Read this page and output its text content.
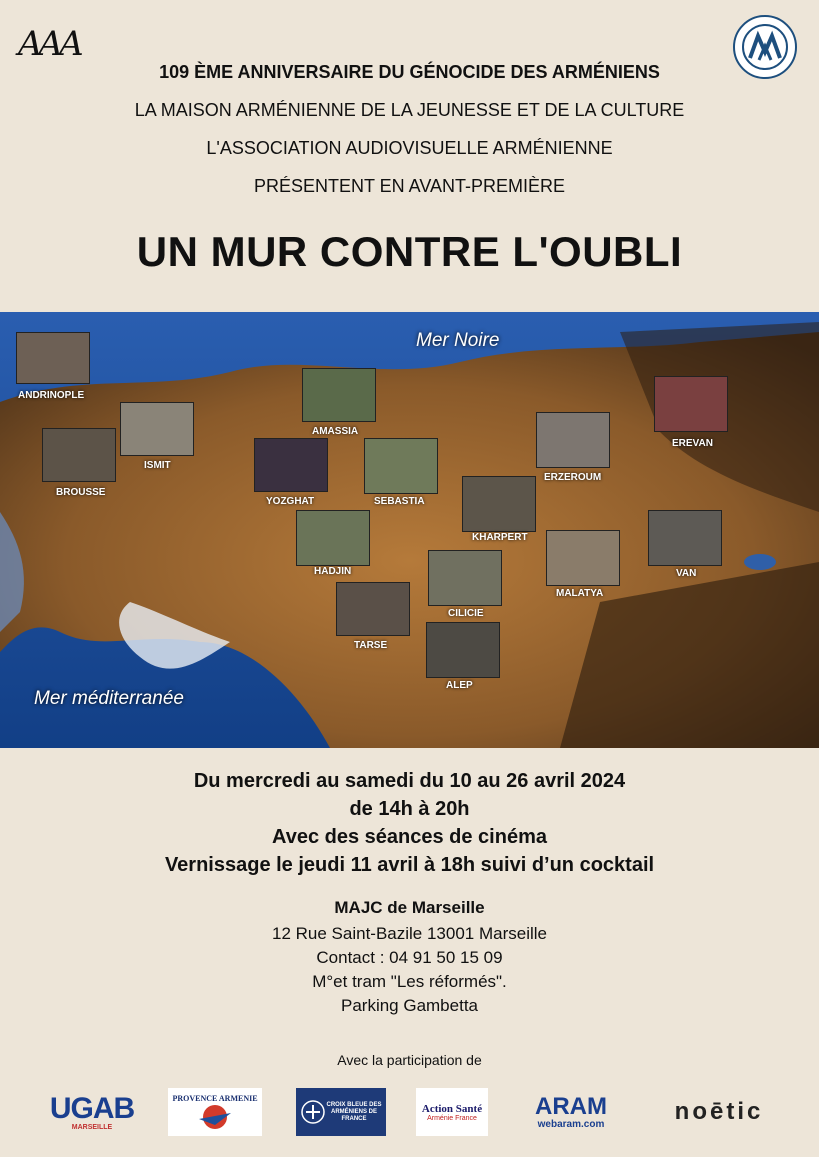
AAA
109 ÈME ANNIVERSAIRE DU GÉNOCIDE DES ARMÉNIENS
LA MAISON ARMÉNIENNE DE LA JEUNESSE ET DE LA CULTURE
L'ASSOCIATION AUDIOVISUELLE ARMÉNIENNE
PRÉSENTENT EN AVANT-PREMIÈRE
UN MUR CONTRE L'OUBLI
Mer Noire
Mer méditerranée
ANDRINOPLE
AMASSIA
ISMIT
BROUSSE
YOZGHAT	SEBASTIA
EREVAN
ERZEROUM
KHARPERT
HADJIN
CILICIE
MALATYA
VAN
TARSE
ALEP
Du mercredi au samedi du 10 au 26 avril 2024
de 14h à 20h
Avec des séances de cinéma
Vernissage le jeudi 11 avril à 18h suivi d’un cocktail
MAJC de Marseille
12 Rue Saint-Bazile 13001 Marseille
Contact : 04 91 50 15 09
M°et tram "Les réformés".
Parking Gambetta
Avec la participation de
UGAB
MARSEILLE
PROVENCE ARMENIE
CROIX BLEUE DES ARMÉNIENS DE FRANCE
Action Santé
Arménie France ARAM
webaram.com	noētic
